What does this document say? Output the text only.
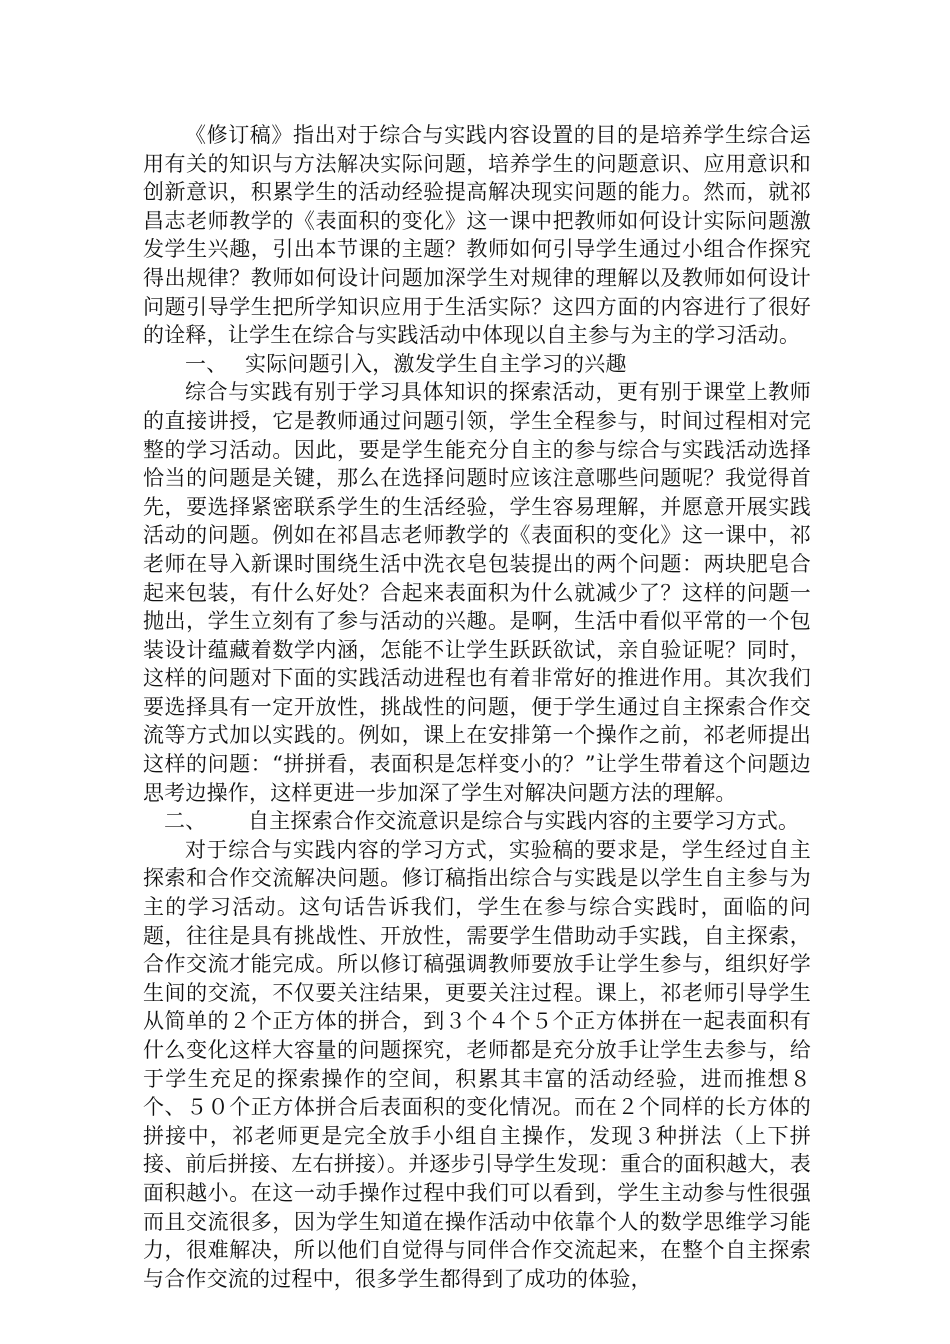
《修订稿》指出对于综合与实践内容设置的目的是培养学生综合运用有关的知识与方法解决实际问题，培养学生的问题意识、应用意识和创新意识，积累学生的活动经验提高解决现实问题的能力。然而，就祁昌志老师教学的《表面积的变化》这一课中把教师如何设计实际问题激发学生兴趣，引出本节课的主题？教师如何引导学生通过小组合作探究得出规律？教师如何设计问题加深学生对规律的理解以及教师如何设计问题引导学生把所学知识应用于生活实际？这四方面的内容进行了很好的诠释，让学生在综合与实践活动中体现以自主参与为主的学习活动。

一、 实际问题引入，激发学生自主学习的兴趣

综合与实践有别于学习具体知识的探索活动，更有别于课堂上教师的直接讲授，它是教师通过问题引领，学生全程参与，时间过程相对完整的学习活动。因此，要是学生能充分自主的参与综合与实践活动选择恰当的问题是关键，那么在选择问题时应该注意哪些问题呢？我觉得首先，要选择紧密联系学生的生活经验，学生容易理解，并愿意开展实践活动的问题。例如在祁昌志老师教学的《表面积的变化》这一课中，祁老师在导入新课时围绕生活中洗衣皂包装提出的两个问题：两块肥皂合起来包装，有什么好处？合起来表面积为什么就减少了？这样的问题一抛出，学生立刻有了参与活动的兴趣。是啊，生活中看似平常的一个包装设计蕴藏着数学内涵，怎能不让学生跃跃欲试，亲自验证呢？同时，这样的问题对下面的实践活动进程也有着非常好的推进作用。其次我们要选择具有一定开放性，挑战性的问题，便于学生通过自主探索合作交流等方式加以实践的。例如，课上在安排第一个操作之前，祁老师提出这样的问题：“拼拼看，表面积是怎样变小的？”让学生带着这个问题边思考边操作，这样更进一步加深了学生对解决问题方法的理解。

二、 自主探索合作交流意识是综合与实践内容的主要学习方式。

对于综合与实践内容的学习方式，实验稿的要求是，学生经过自主探索和合作交流解决问题。修订稿指出综合与实践是以学生自主参与为主的学习活动。这句话告诉我们，学生在参与综合实践时，面临的问题，往往是具有挑战性、开放性，需要学生借助动手实践，自主探索，合作交流才能完成。所以修订稿强调教师要放手让学生参与，组织好学生间的交流，不仅要关注结果，更要关注过程。课上，祁老师引导学生从简单的２个正方体的拼合，到３个４个５个正方体拼在一起表面积有什么变化这样大容量的问题探究，老师都是充分放手让学生去参与，给于学生充足的探索操作的空间，积累其丰富的活动经验，进而推想８个、５０个正方体拼合后表面积的变化情况。而在２个同样的长方体的拼接中，祁老师更是完全放手小组自主操作，发现３种拼法（上下拼接、前后拼接、左右拼接）。并逐步引导学生发现：重合的面积越大，表面积越小。在这一动手操作过程中我们可以看到，学生主动参与性很强而且交流很多，因为学生知道在操作活动中依靠个人的数学思维学习能力，很难解决，所以他们自觉得与同伴合作交流起来，在整个自主探索与合作交流的过程中，很多学生都得到了成功的体验，
